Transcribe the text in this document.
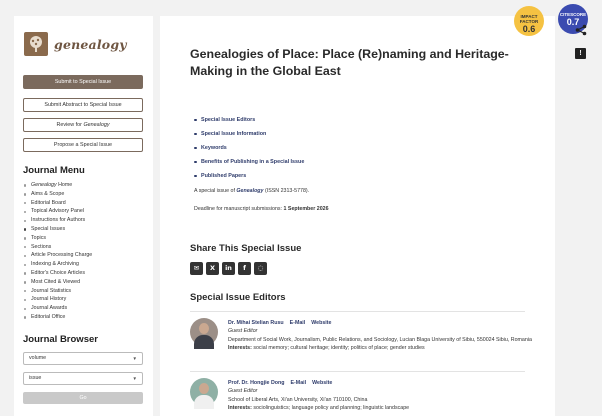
genealogy
Submit to Special Issue
Submit Abstract to Special Issue
Review for Genealogy
Propose a Special Issue
Journal Menu
Genealogy Home
Aims & Scope
Editorial Board
Topical Advisory Panel
Instructions for Authors
Special Issues
Topics
Sections
Article Processing Charge
Indexing & Archiving
Editor's Choice Articles
Most Cited & Viewed
Journal Statistics
Journal History
Journal Awards
Editorial Office
Journal Browser
volume	▼
issue	▼
Go
Genealogies of Place: Place (Re)naming and Heritage-Making in the Global East
Special Issue Editors
Special Issue Information
Keywords
Benefits of Publishing in a Special Issue
Published Papers
A special issue of Genealogy (ISSN 2313-5778).
Deadline for manuscript submissions: 1 September 2026
Share This Special Issue
✉	X	in	f	◌
Special Issue Editors
Dr. Mihai Stelian Rusu E-Mail Website
Guest Editor
Department of Social Work, Journalism, Public Relations, and Sociology, Lucian Blaga University of Sibiu, 550024 Sibiu, Romania
Interests: social memory; cultural heritage; identity; politics of place; gender studies
Prof. Dr. Hongjie Dong E-Mail Website
Guest Editor
School of Liberal Arts, Xi'an University, Xi'an 710100, China
Interests: sociolinguistics; language policy and planning; linguistic landscape
IMPACT FACTOR
0.6
CITESCORE
0.7
!
